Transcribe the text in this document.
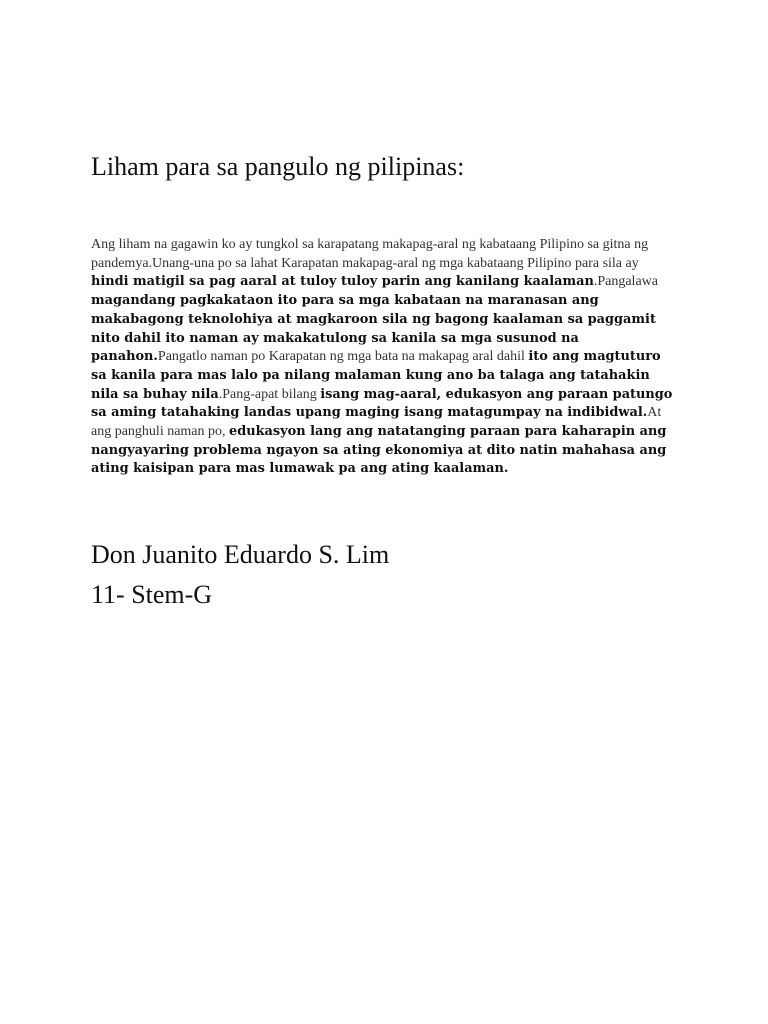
Liham para sa pangulo ng pilipinas:

Ang liham na gagawin ko ay tungkol sa karapatang makapag-aral ng kabataang Pilipino sa gitna ng pandemya.Unang-una po sa lahat Karapatan makapag-aral ng mga kabataang Pilipino para sila ay hindi matigil sa pag aaral at tuloy tuloy parin ang kanilang kaalaman.Pangalawa magandang pagkakataon ito para sa mga kabataan na maranasan ang makabagong teknolohiya at magkaroon sila ng bagong kaalaman sa paggamit nito dahil ito naman ay makakatulong sa kanila sa mga susunod na panahon.Pangatlo naman po Karapatan ng mga bata na makapag aral dahil ito ang magtuturo sa kanila para mas lalo pa nilang malaman kung ano ba talaga ang tatahakin nila sa buhay nila.Pang-apat bilang isang mag-aaral, edukasyon ang paraan patungo sa aming tatahaking landas upang maging isang matagumpay na indibidwal.At ang panghuli naman po, edukasyon lang ang natatanging paraan para kaharapin ang nangyayaring problema ngayon sa ating ekonomiya at dito natin mahahasa ang ating kaisipan para mas lumawak pa ang ating kaalaman.

Don Juanito Eduardo S. Lim
11- Stem-G
